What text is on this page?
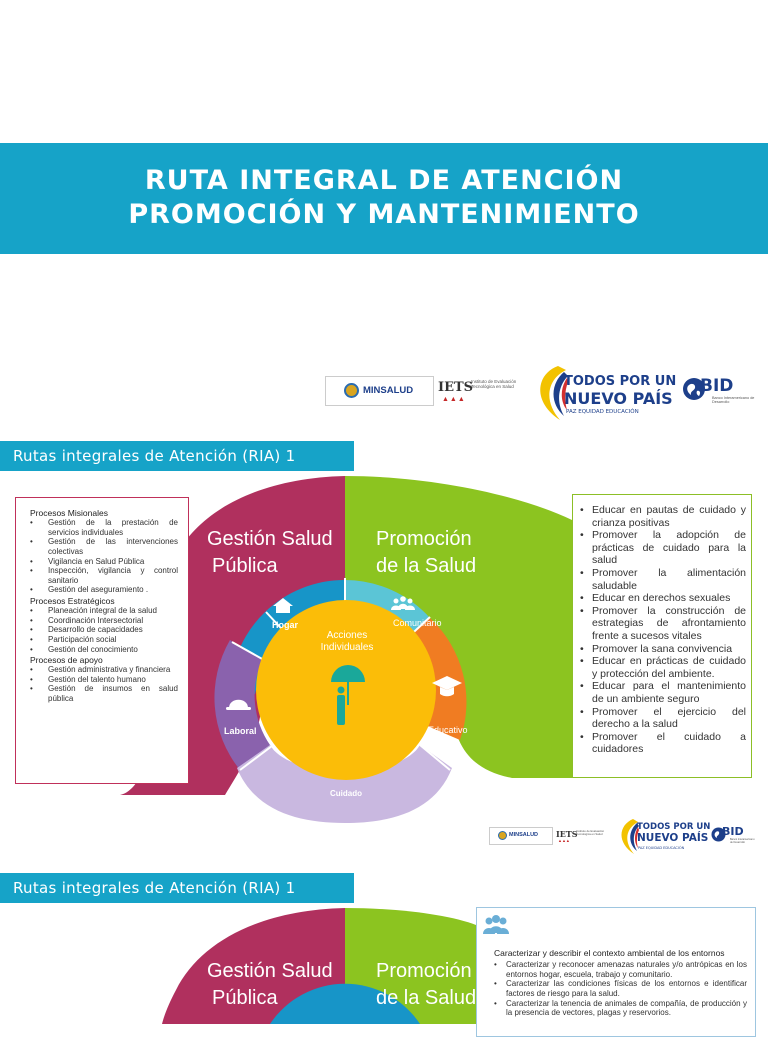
RUTA INTEGRAL DE ATENCIÓN
PROMOCIÓN Y MANTENIMIENTO
MINSALUD IETS
▲▲▲
Instituto de Evaluación Tecnológica en Salud	TODOS POR UN
NUEVO PAÍS
PAZ EQUIDAD EDUCACIÓN
BID
Banco Interamericano de Desarrollo
Rutas integrales de Atención (RIA) 1
Gestión Salud
Pública
Promoción
de la Salud
Acciones
Individuales
Hogar	Comunitario
Educativo
Laboral
Cuidado
Procesos Misionales
• Gestión de la prestación de servicios individuales
• Gestión de las intervenciones colectivas
• Vigilancia en Salud Pública
• Inspección, vigilancia y control sanitario
• Gestión del aseguramiento .
Procesos Estratégicos
• Planeación integral de la salud
• Coordinación Intersectorial
• Desarrollo de capacidades
• Participación social
• Gestión del conocimiento
Procesos de apoyo
• Gestión administrativa y financiera
• Gestión del talento humano
• Gestión de insumos en salud pública
• Educar en pautas de cuidado y crianza positivas
• Promover la adopción de prácticas de cuidado para la salud
• Promover la alimentación saludable
• Educar en derechos sexuales
• Promover la construcción de estrategias de afrontamiento frente a sucesos vitales
• Promover la sana convivencia
• Educar en prácticas de cuidado y protección del ambiente.
• Educar para el mantenimiento de un ambiente seguro
• Promover el ejercicio del derecho a la salud
• Promover el cuidado a cuidadores
MINSALUD IETS
▲▲▲
Instituto de Evaluación Tecnológica en Salud
TODOS POR UN
NUEVO PAÍS
PAZ EQUIDAD EDUCACIÓN
BID
Banco Interamericano de Desarrollo
Rutas integrales de Atención (RIA) 1
Gestión Salud
Pública
Promoción
de la Salud
Caracterizar y describir el contexto ambiental de los entornos
• Caracterizar y reconocer amenazas naturales y/o antrópicas en los entornos hogar, escuela, trabajo y comunitario.
• Caracterizar las condiciones físicas de los entornos e identificar factores de riesgo para la salud.
• Caracterizar la tenencia de animales de compañía, de producción y la presencia de vectores, plagas y reservorios.
